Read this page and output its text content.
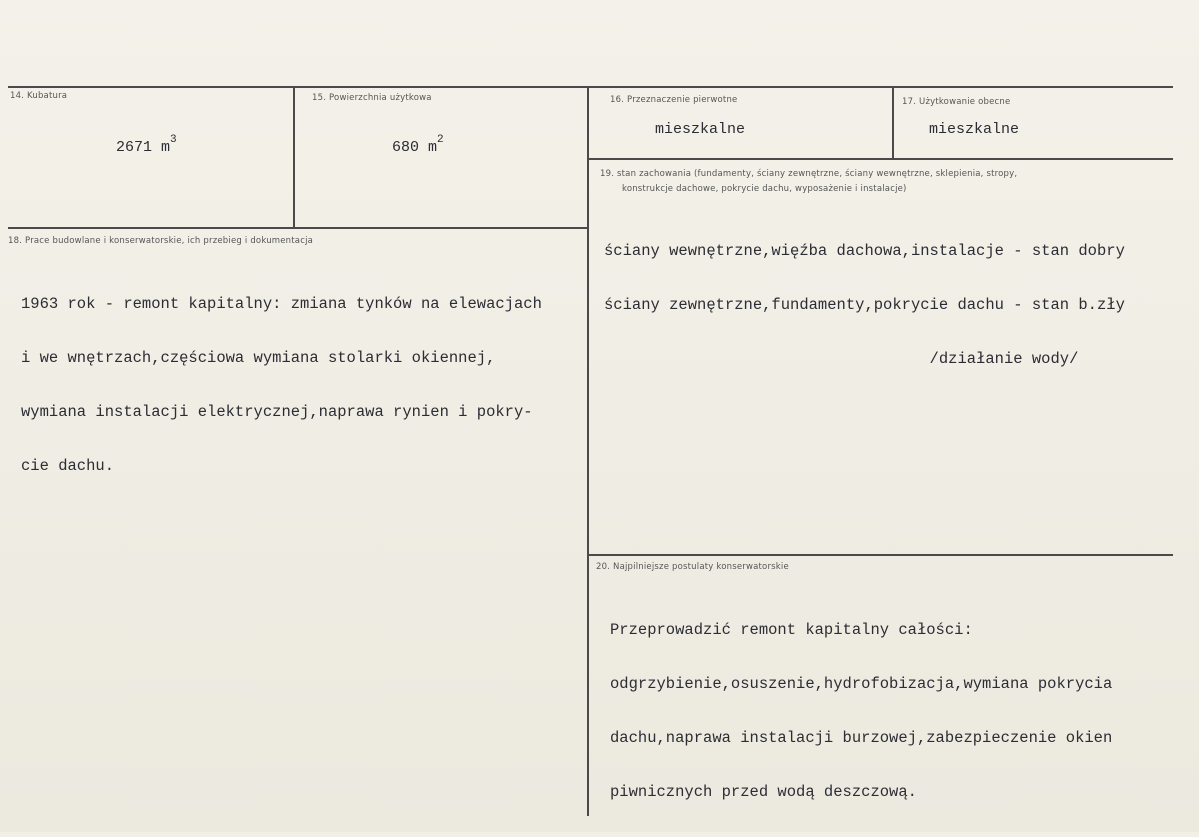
14. Kubatura
2671 $m^3$
15. Powierzchnia użytkowa
680 $m^2$
16. Przeznaczenie pierwotne
mieszkalne
17. Użytkowanie obecne
mieszkalne
18. Prace budowlane i konserwatorskie, ich przebieg i dokumentacja

1963 rok - remont kapitalny: zmiana tynków na elewacjach

i we wnętrzach,częściowa wymiana stolarki okiennej,

wymiana instalacji elektrycznej,naprawa rynien i pokry-

cie dachu.

19. stan zachowania (fundamenty, ściany zewnętrzne, ściany wewnętrzne, sklepienia, stropy,
konstrukcje dachowe, pokrycie dachu, wyposażenie i instalacje)

ściany wewnętrzne,więźba dachowa,instalacje - stan dobry

ściany zewnętrzne,fundamenty,pokrycie dachu - stan b.zły

/działanie wody/

20. Najpilniejsze postulaty konserwatorskie

Przeprowadzić remont kapitalny całości:

odgrzybienie,osuszenie,hydrofobizacja,wymiana pokrycia

dachu,naprawa instalacji burzowej,zabezpieczenie okien

piwnicznych przed wodą deszczową.
